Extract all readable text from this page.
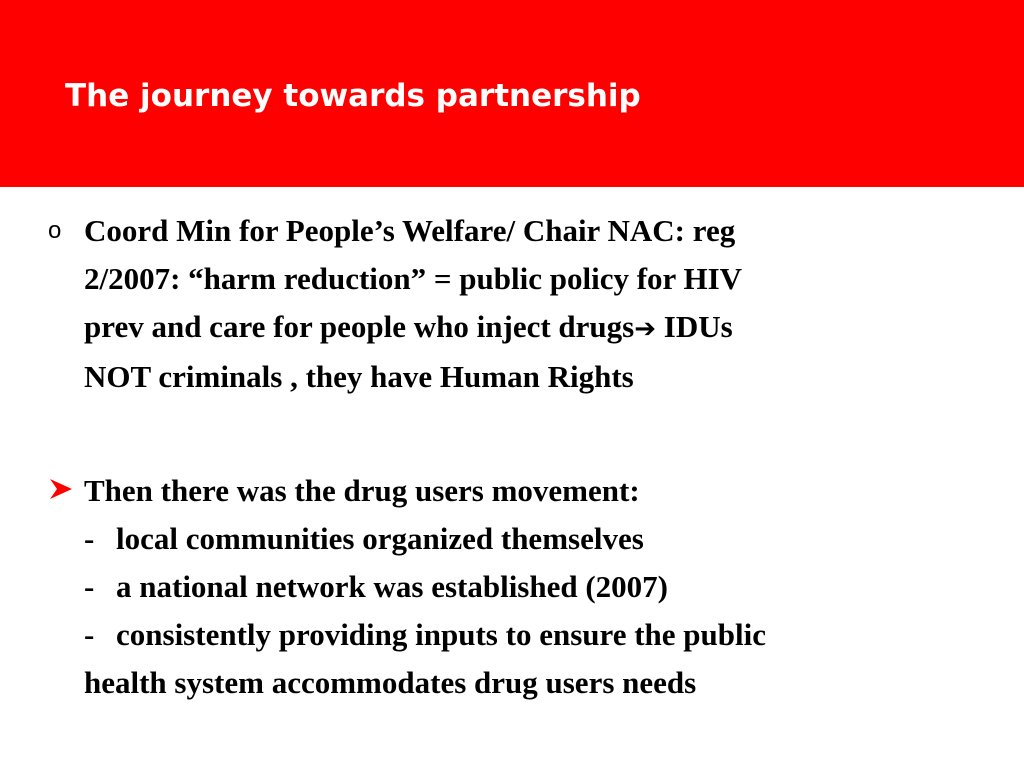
The journey towards partnership
o Coord Min for People’s Welfare/ Chair NAC: reg
2/2007: “harm reduction” = public policy for HIV
prev and care for people who inject drugs➔ IDUs
NOT criminals , they have Human Rights
Then there was the drug users movement:
- local communities organized themselves
- a national network was established (2007)
- consistently providing inputs to ensure the public
health system accommodates drug users needs
